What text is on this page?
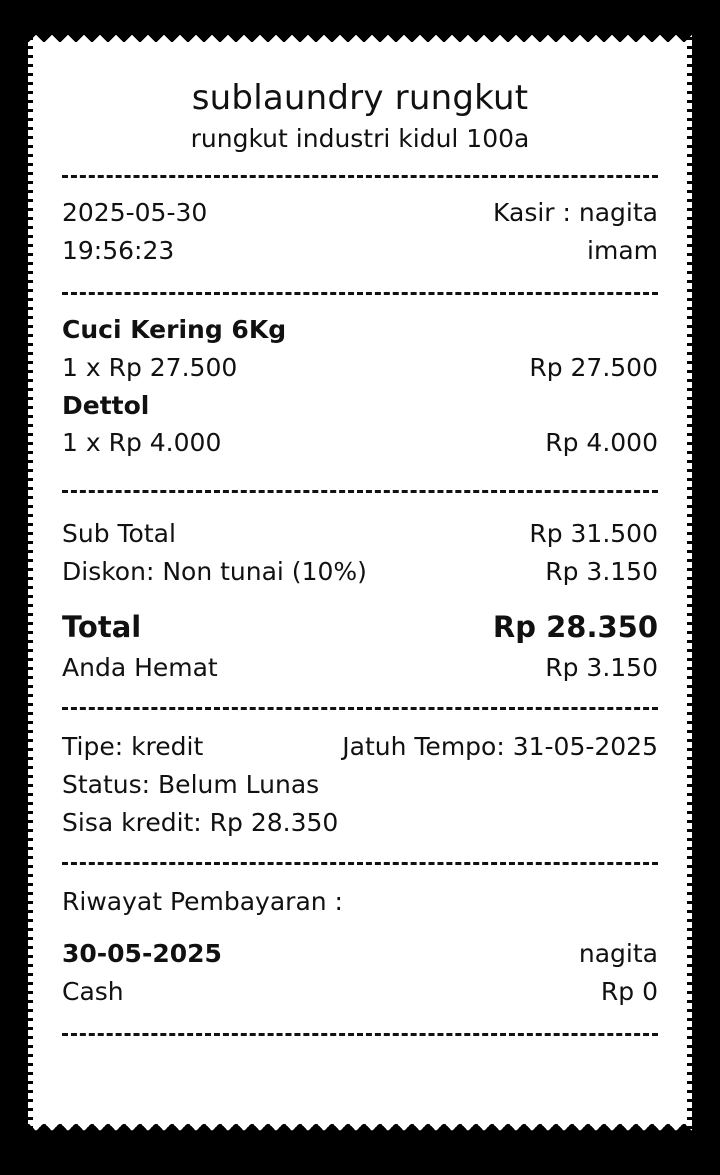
sublaundry rungkut
rungkut industri kidul 100a
2025-05-30	Kasir : nagita
19:56:23	imam
Cuci Kering 6Kg
1 x Rp 27.500	Rp 27.500
Dettol
1 x Rp 4.000	Rp 4.000
Sub Total	Rp 31.500
Diskon: Non tunai (10%)	Rp 3.150
Total	Rp 28.350
Anda Hemat	Rp 3.150
Tipe: kredit	Jatuh Tempo: 31-05-2025
Status: Belum Lunas
Sisa kredit: Rp 28.350
Riwayat Pembayaran :
30-05-2025	nagita
Cash	Rp 0
